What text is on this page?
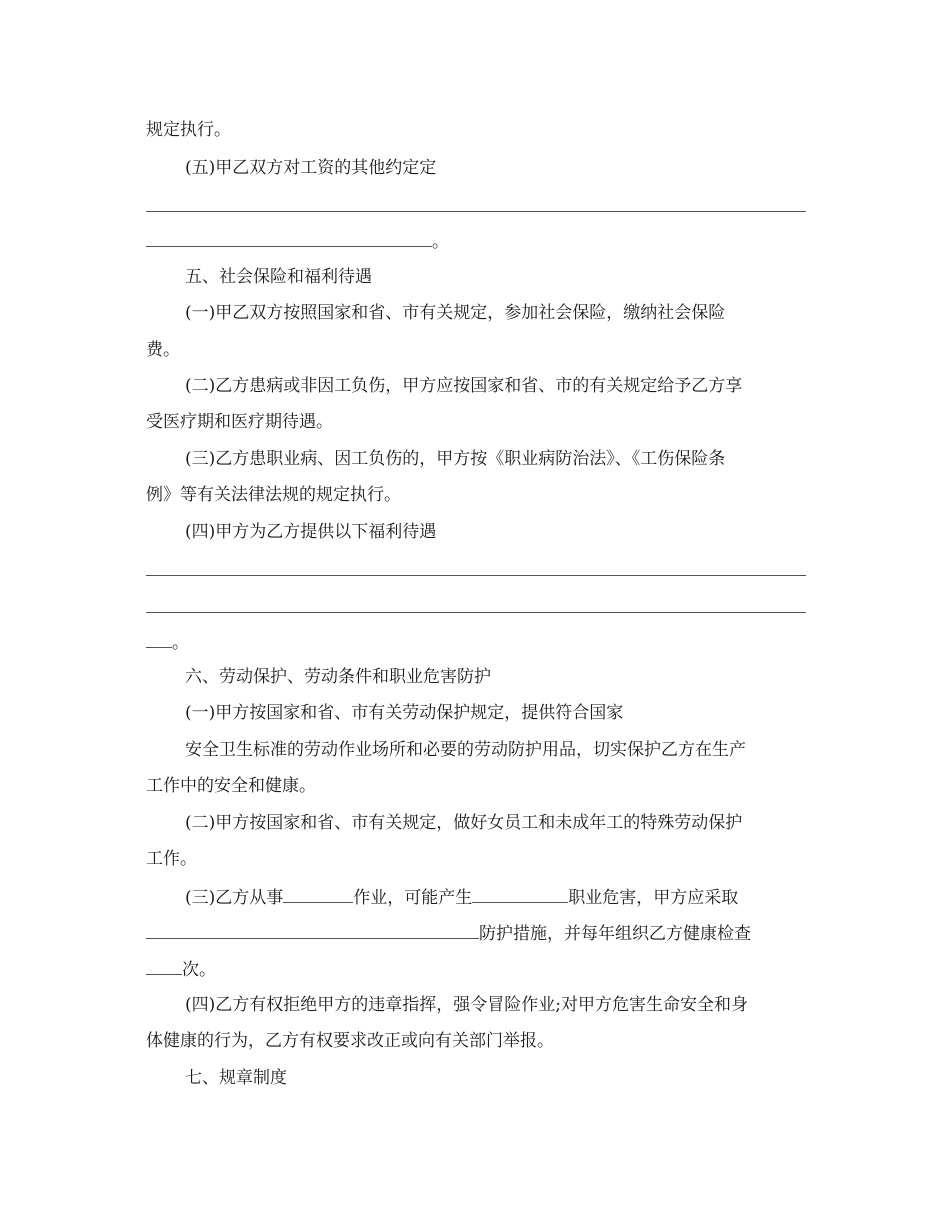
规定执行。
(五)甲乙双方对工资的其他约定定
。
五、社会保险和福利待遇
(一)甲乙双方按照国家和省、市有关规定，参加社会保险，缴纳社会保险
费。
(二)乙方患病或非因工负伤，甲方应按国家和省、市的有关规定给予乙方享
受医疗期和医疗期待遇。
(三)乙方患职业病、因工负伤的，甲方按《职业病防治法》、《工伤保险条
例》等有关法律法规的规定执行。
(四)甲方为乙方提供以下福利待遇
。
六、劳动保护、劳动条件和职业危害防护
(一)甲方按国家和省、市有关劳动保护规定，提供符合国家
安全卫生标准的劳动作业场所和必要的劳动防护用品，切实保护乙方在生产
工作中的安全和健康。
(二)甲方按国家和省、市有关规定，做好女员工和未成年工的特殊劳动保护
工作。
(三)乙方从事	作业，可能产生	职业危害，甲方应采取
防护措施，并每年组织乙方健康检查
次。
(四)乙方有权拒绝甲方的违章指挥，强令冒险作业;对甲方危害生命安全和身
体健康的行为，乙方有权要求改正或向有关部门举报。
七、规章制度
